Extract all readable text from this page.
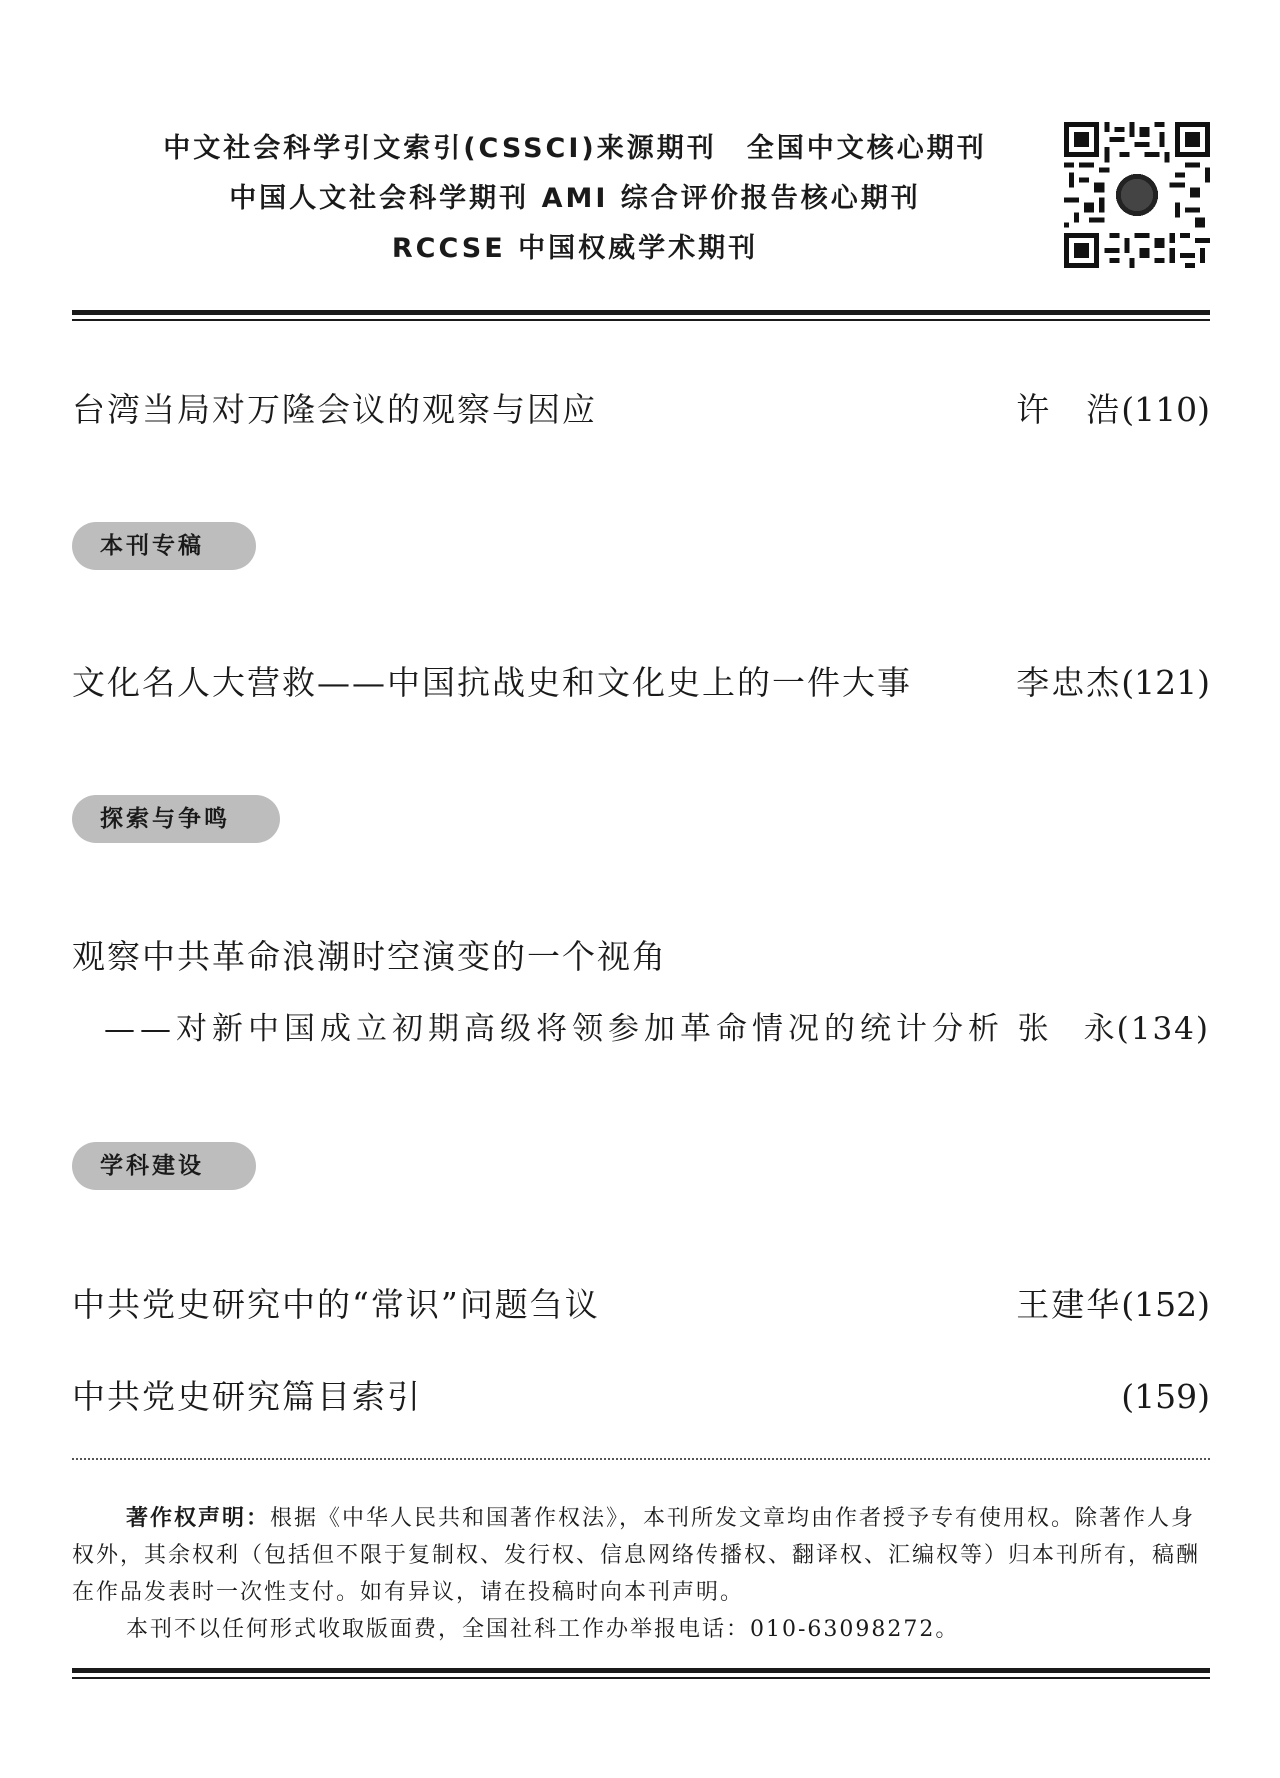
中文社会科学引文索引(CSSCI)来源期刊　全国中文核心期刊
中国人文社会科学期刊 AMI 综合评价报告核心期刊
RCCSE 中国权威学术期刊
台湾当局对万隆会议的观察与因应	许　浩(110)
本刊专稿
文化名人大营救——中国抗战史和文化史上的一件大事	李忠杰(121)
探索与争鸣
观察中共革命浪潮时空演变的一个视角
——对新中国成立初期高级将领参加革命情况的统计分析 张　永(134)
学科建设
中共党史研究中的“常识”问题刍议	王建华(152)
中共党史研究篇目索引	(159)

著作权声明：根据《中华人民共和国著作权法》，本刊所发文章均由作者授予专有使用权。除著作人身权外，其余权利（包括但不限于复制权、发行权、信息网络传播权、翻译权、汇编权等）归本刊所有，稿酬在作品发表时一次性支付。如有异议，请在投稿时向本刊声明。

本刊不以任何形式收取版面费，全国社科工作办举报电话：010-63098272。
